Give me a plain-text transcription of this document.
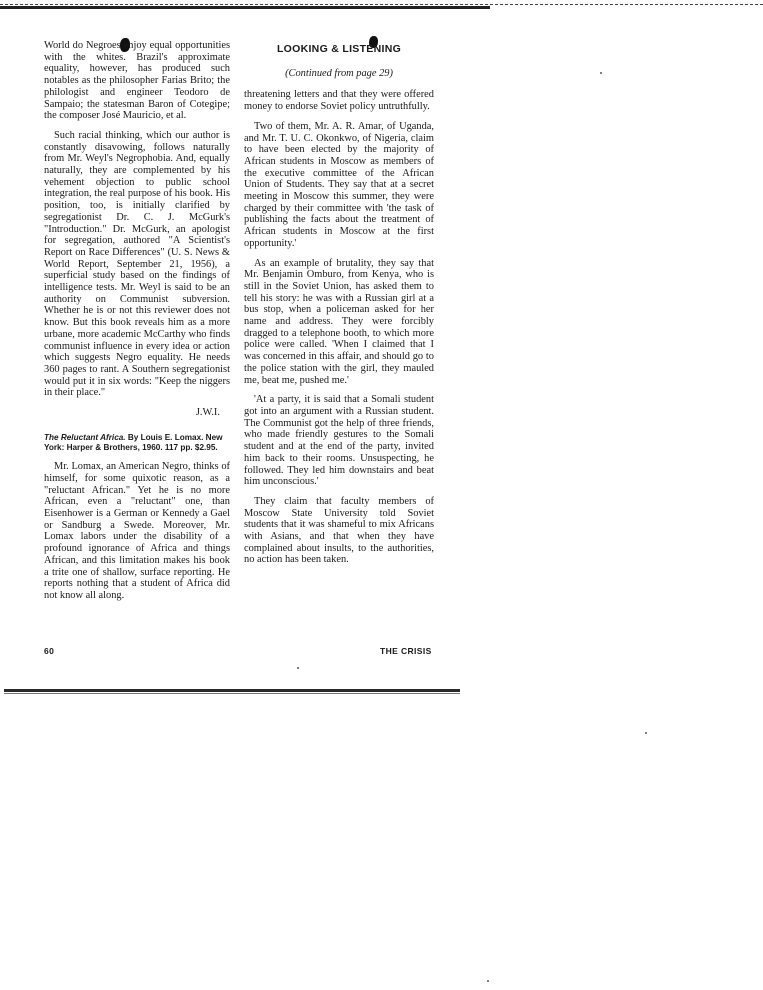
World do Negroes enjoy equal opportunities with the whites. Brazil's approximate equality, however, has produced such notables as the philosopher Farias Brito; the philologist and engineer Teodoro de Sampaio; the statesman Baron of Cotegipe; the composer José Mauricio, et al.

Such racial thinking, which our author is constantly disavowing, follows naturally from Mr. Weyl's Negrophobia. And, equally naturally, they are complemented by his vehement objection to public school integration, the real purpose of his book. His position, too, is initially clarified by segregationist Dr. C. J. McGurk's "Introduction." Dr. McGurk, an apologist for segregation, authored "A Scientist's Report on Race Differences" (U. S. News & World Report, September 21, 1956), a superficial study based on the findings of intelligence tests. Mr. Weyl is said to be an authority on Communist subversion. Whether he is or not this reviewer does not know. But this book reveals him as a more urbane, more academic McCarthy who finds communist influence in every idea or action which suggests Negro equality. He needs 360 pages to rant. A Southern segregationist would put it in six words: "Keep the niggers in their place."

J.W.I.
The Reluctant Africa. By Louis E. Lomax. New York: Harper & Brothers, 1960. 117 pp. $2.95.

Mr. Lomax, an American Negro, thinks of himself, for some quixotic reason, as a "reluctant African." Yet he is no more African, even a "reluctant" one, than Eisenhower is a German or Kennedy a Gael or Sandburg a Swede. Moreover, Mr. Lomax labors under the disability of a profound ignorance of Africa and things African, and this limitation makes his book a trite one of shallow, surface reporting. He reports nothing that a student of Africa did not know all along.

LOOKING & LISTENING
(Continued from page 29)

threatening letters and that they were offered money to endorse Soviet policy untruthfully.

Two of them, Mr. A. R. Amar, of Uganda, and Mr. T. U. C. Okonkwo, of Nigeria, claim to have been elected by the majority of African students in Moscow as members of the executive committee of the African Union of Students. They say that at a secret meeting in Moscow this summer, they were charged by their committee with 'the task of publishing the facts about the treatment of African students in Moscow at the first opportunity.'

As an example of brutality, they say that Mr. Benjamin Omburo, from Kenya, who is still in the Soviet Union, has asked them to tell his story: he was with a Russian girl at a bus stop, when a policeman asked for her name and address. They were forcibly dragged to a telephone booth, to which more police were called. 'When I claimed that I was concerned in this affair, and should go to the police station with the girl, they mauled me, beat me, pushed me.'

'At a party, it is said that a Somali student got into an argument with a Russian student. The Communist got the help of three friends, who made friendly gestures to the Somali student and at the end of the party, invited him back to their rooms. Unsuspecting, he followed. They led him downstairs and beat him unconscious.'

They claim that faculty members of Moscow State University told Soviet students that it was shameful to mix Africans with Asians, and that when they have complained about insults, to the authorities, no action has been taken.

60	THE CRISIS
